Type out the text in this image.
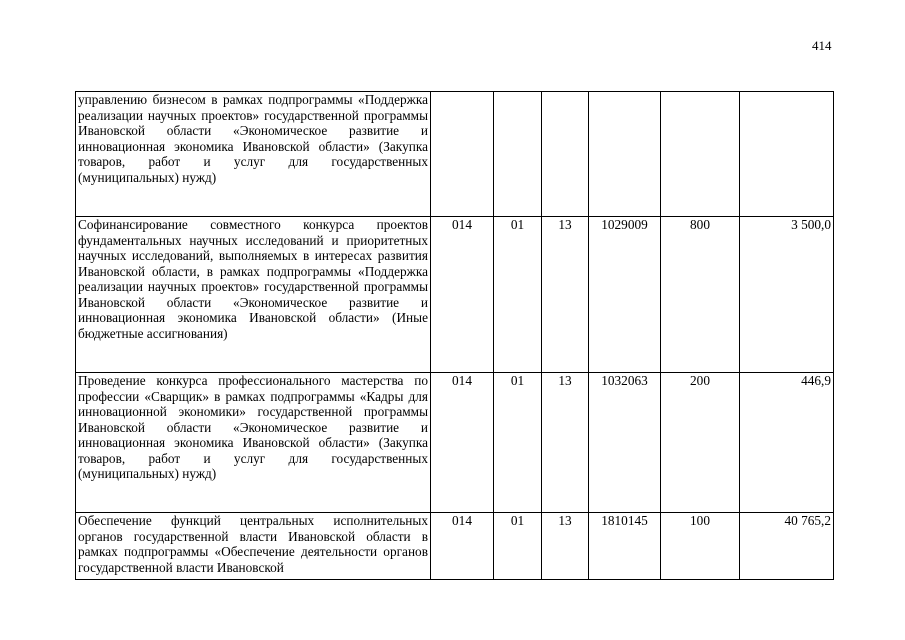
414
управлению бизнесом в рамках подпрограммы «Поддержка реализации научных проектов» государственной программы Ивановской области «Экономическое развитие и инновационная экономика Ивановской области» (Закупка товаров, работ и услуг для государственных (муниципальных) нужд)						
Софинансирование совместного конкурса проектов фундаментальных научных исследований и приоритетных научных исследований, выполняемых в интересах развития Ивановской области, в рамках подпрограммы «Поддержка реализации научных проектов» государственной программы Ивановской области «Экономическое развитие и инновационная экономика Ивановской области» (Иные бюджетные ассигнования)	014	01	13	1029009	800	3 500,0
Проведение конкурса профессионального мастерства по профессии «Сварщик» в рамках подпрограммы «Кадры для инновационной экономики» государственной программы Ивановской области «Экономическое развитие и инновационная экономика Ивановской области» (Закупка товаров, работ и услуг для государственных (муниципальных) нужд)	014	01	13	1032063	200	446,9
Обеспечение функций центральных исполнительных органов государственной власти Ивановской области в рамках подпрограммы «Обеспечение деятельности органов государственной власти Ивановской	014	01	13	1810145	100	40 765,2
